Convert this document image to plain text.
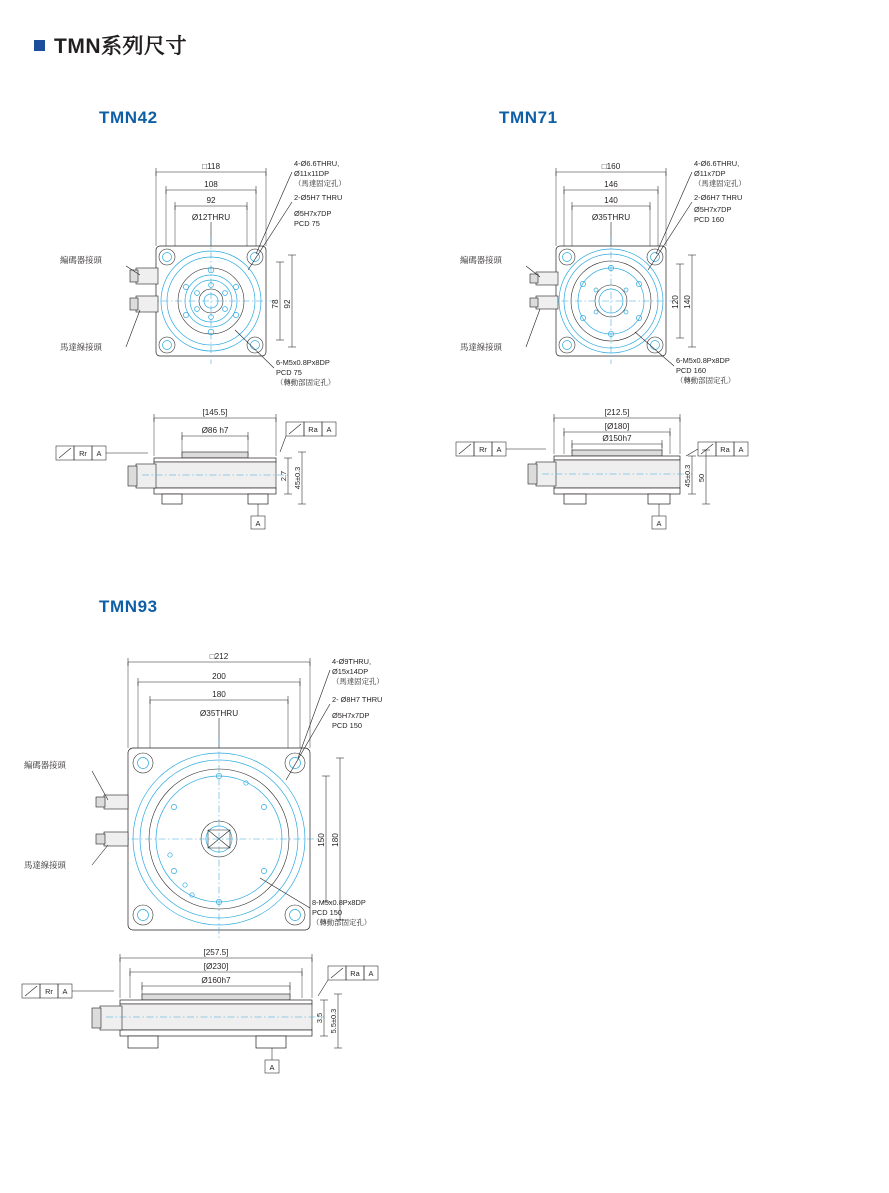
TMN系列尺寸
TMN42
□118
108
92
Ø12THRU
編碼器接頭
馬達線接頭
4-Ø6.6THRU,
Ø11x11DP
（馬達固定孔）
2-Ø5H7 THRU
Ø5H7x7DP
PCD 75
6-M5x0.8Px8DP
PCD 75
（轉動部固定孔）
78 92
[145.5]
Ø86 h7
Rr A
Ra A
A
2.7 45±0.3
TMN71
□160
146
140
Ø35THRU
編碼器接頭
馬達線接頭
4-Ø6.6THRU,
Ø11x7DP
（馬達固定孔）
2-Ø6H7 THRU
Ø5H7x7DP
PCD 160
6-M5x0.8Px8DP
PCD 160
（轉動部固定孔）
120 140
[212.5]
[Ø180]
Ø150h7
Rr A	Ra A
A
45±0.3 50
TMN93
□212
200
180
Ø35THRU
編碼器接頭
馬達線接頭
4-Ø9THRU,
Ø15x14DP
（馬達固定孔）
2- Ø8H7 THRU
Ø5H7x7DP
PCD 150
8-M5x0.8Px8DP
PCD 150
（轉動部固定孔）
150 180
[257.5]
[Ø230]
Ø160h7
Rr A
Ra A
A
3.5 5.5±0.3
